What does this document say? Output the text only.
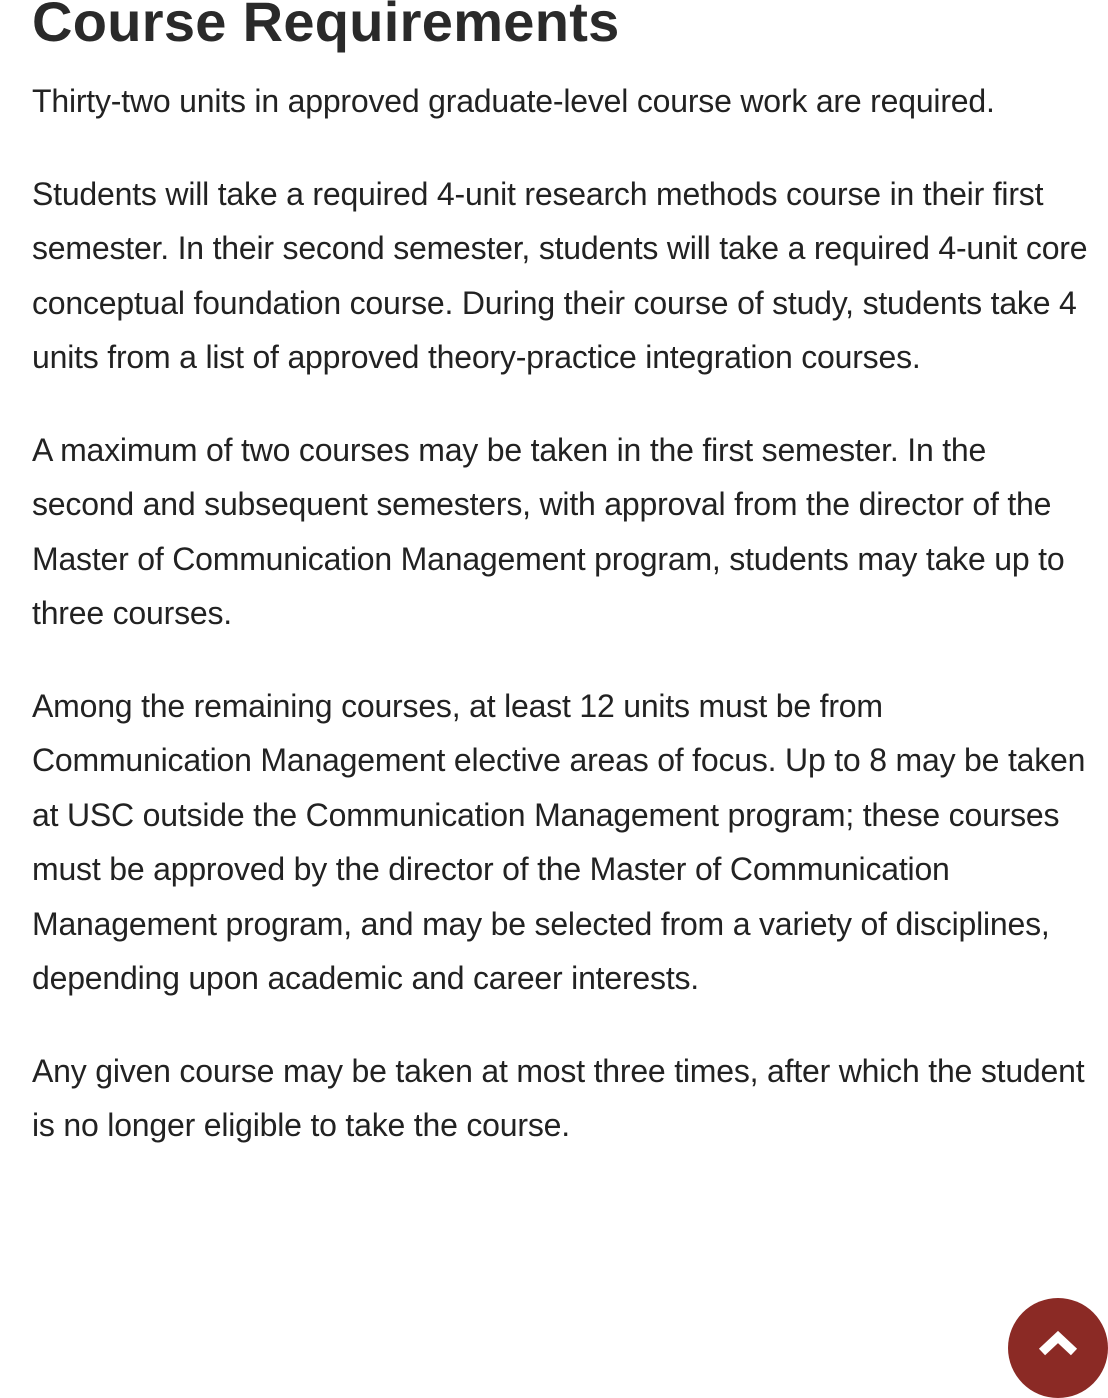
Course Requirements

Thirty-two units in approved graduate-level course work are required.

Students will take a required 4-unit research methods course in their first semester. In their second semester, students will take a required 4-unit core conceptual foundation course. During their course of study, students take 4 units from a list of approved theory-practice integration courses.

A maximum of two courses may be taken in the first semester. In the second and subsequent semesters, with approval from the director of the Master of Communication Management program, students may take up to three courses.

Among the remaining courses, at least 12 units must be from Communication Management elective areas of focus. Up to 8 may be taken at USC outside the Communication Management program; these courses must be approved by the director of the Master of Communication Management program, and may be selected from a variety of disciplines, depending upon academic and career interests.

Any given course may be taken at most three times, after which the student is no longer eligible to take the course.
